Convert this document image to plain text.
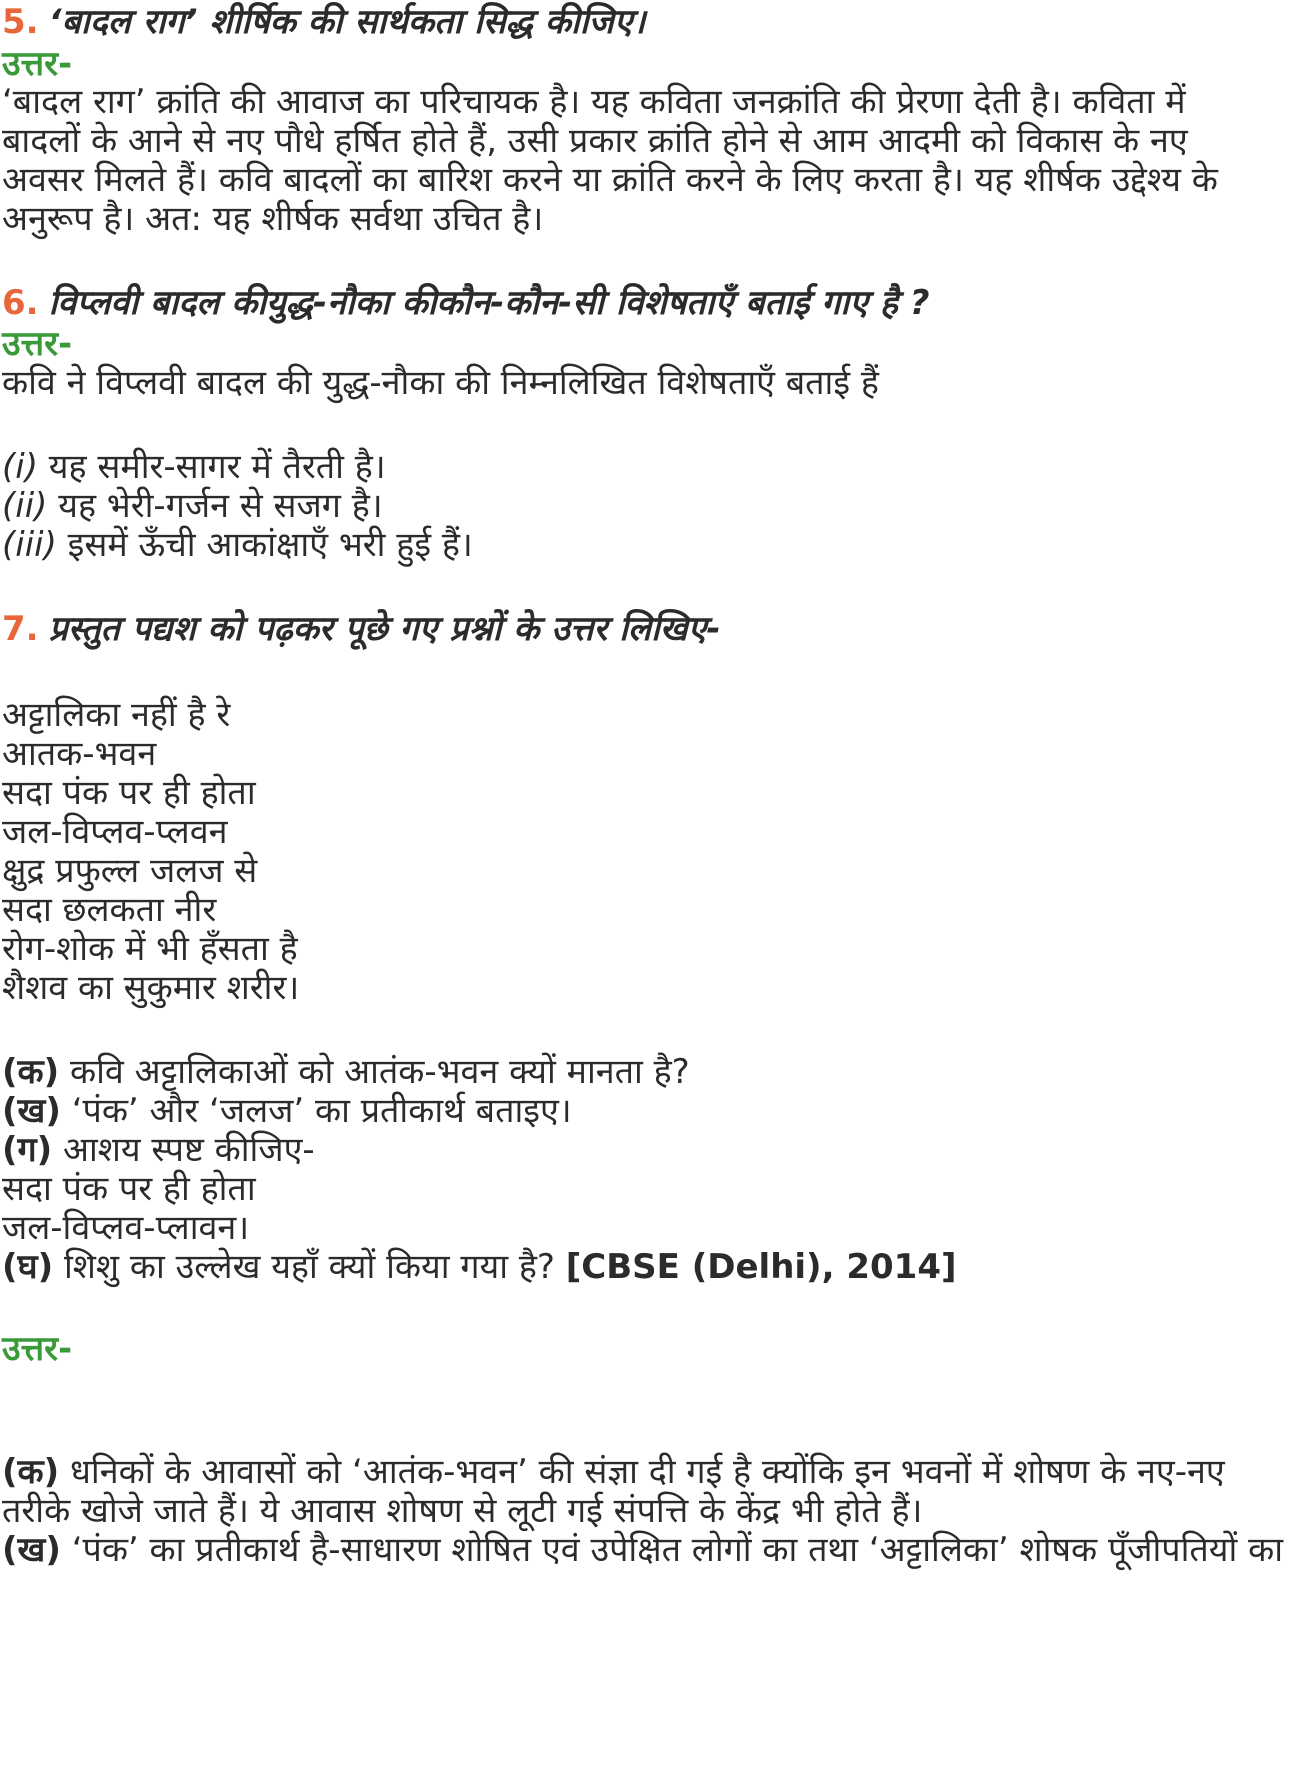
5. ‘बादल राग’ शीर्षिक की सार्थकता सिद्ध कीजिए।
उत्तर-
‘बादल राग’ क्रांति की आवाज का परिचायक है। यह कविता जनक्रांति की प्रेरणा देती है। कविता में
बादलों के आने से नए पौधे हर्षित होते हैं, उसी प्रकार क्रांति होने से आम आदमी को विकास के नए
अवसर मिलते हैं। कवि बादलों का बारिश करने या क्रांति करने के लिए करता है। यह शीर्षक उद्देश्य के
अनुरूप है। अत: यह शीर्षक सर्वथा उचित है।
6. विप्लवी बादल कीयुद्ध-नौका कीकौन-कौन-सी विशेषताएँ बताई गाए है ?
उत्तर-
कवि ने विप्लवी बादल की युद्ध-नौका की निम्नलिखित विशेषताएँ बताई हैं
(i) यह समीर-सागर में तैरती है।
(ii) यह भेरी-गर्जन से सजग है।
(iii) इसमें ऊँची आकांक्षाएँ भरी हुई हैं।
7. प्रस्तुत पद्यश को पढ़कर पूछे गए प्रश्नों के उत्तर लिखिए-
अट्टालिका नहीं है रे
आतक-भवन
सदा पंक पर ही होता
जल-विप्लव-प्लवन
क्षुद्र प्रफुल्ल जलज से
सदा छलकता नीर
रोग-शोक में भी हँसता है
शैशव का सुकुमार शरीर।
(क) कवि अट्टालिकाओं को आतंक-भवन क्यों मानता है?
(ख) ‘पंक’ और ‘जलज’ का प्रतीकार्थ बताइए।
(ग) आशय स्पष्ट कीजिए-
सदा पंक पर ही होता
जल-विप्लव-प्लावन।
(घ) शिशु का उल्लेख यहाँ क्यों किया गया है? [CBSE (Delhi), 2014]
उत्तर-
(क) धनिकों के आवासों को ‘आतंक-भवन’ की संज्ञा दी गई है क्योंकि इन भवनों में शोषण के नए-नए
तरीके खोजे जाते हैं। ये आवास शोषण से लूटी गई संपत्ति के केंद्र भी होते हैं।
(ख) ‘पंक’ का प्रतीकार्थ है-साधारण शोषित एवं उपेक्षित लोगों का तथा ‘अट्टालिका’ शोषक पूँजीपतियों का
